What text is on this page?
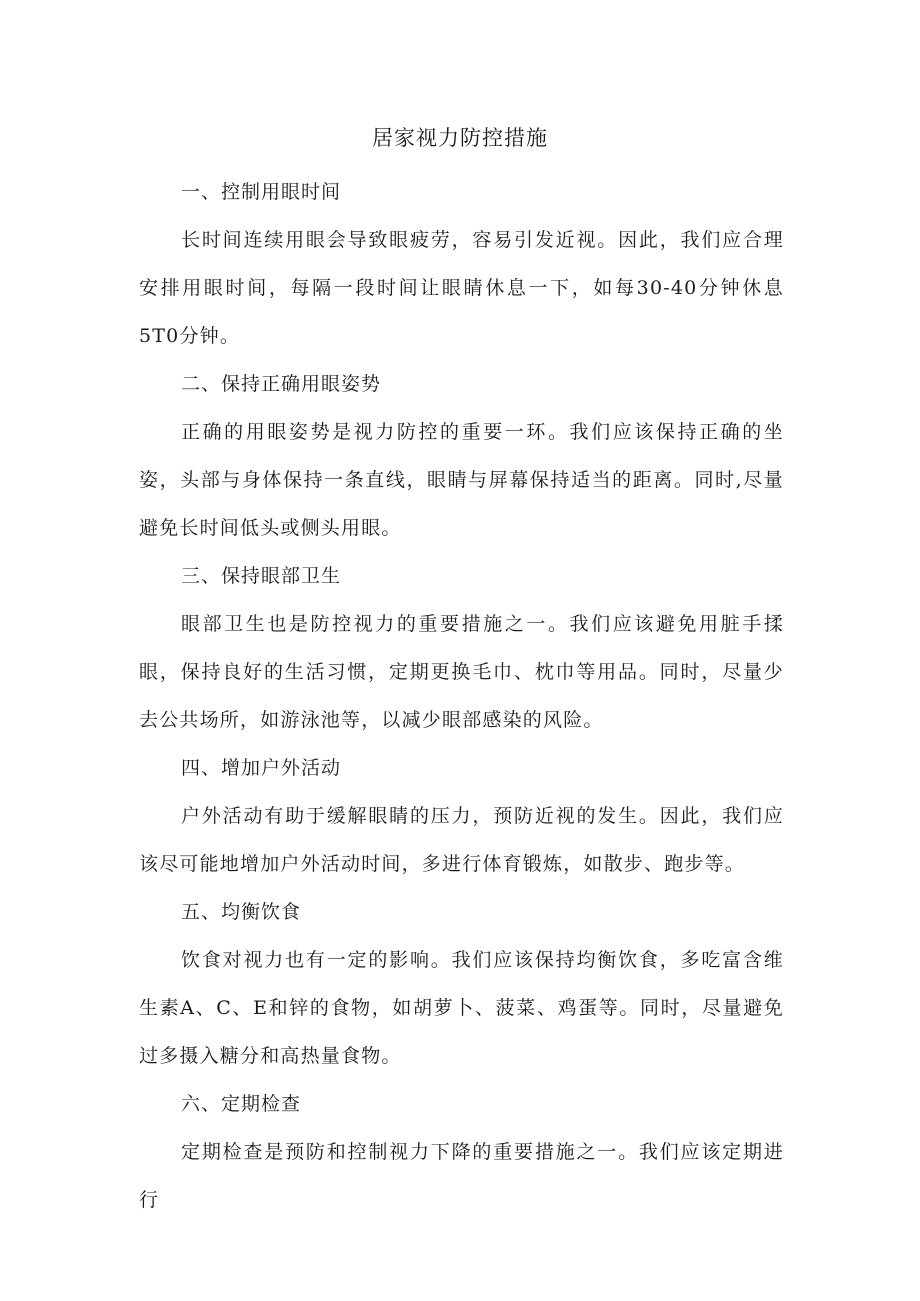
居家视力防控措施

一、控制用眼时间

长时间连续用眼会导致眼疲劳，容易引发近视。因此，我们应合理安排用眼时间，每隔一段时间让眼睛休息一下，如每30-40分钟休息5T0分钟。

二、保持正确用眼姿势

正确的用眼姿势是视力防控的重要一环。我们应该保持正确的坐姿，头部与身体保持一条直线，眼睛与屏幕保持适当的距离。同时,尽量避免长时间低头或侧头用眼。

三、保持眼部卫生

眼部卫生也是防控视力的重要措施之一。我们应该避免用脏手揉眼，保持良好的生活习惯，定期更换毛巾、枕巾等用品。同时，尽量少去公共场所，如游泳池等，以减少眼部感染的风险。

四、增加户外活动

户外活动有助于缓解眼睛的压力，预防近视的发生。因此，我们应该尽可能地增加户外活动时间，多进行体育锻炼，如散步、跑步等。

五、均衡饮食

饮食对视力也有一定的影响。我们应该保持均衡饮食，多吃富含维生素A、C、E和锌的食物，如胡萝卜、菠菜、鸡蛋等。同时，尽量避免过多摄入糖分和高热量食物。

六、定期检查

定期检查是预防和控制视力下降的重要措施之一。我们应该定期进行
